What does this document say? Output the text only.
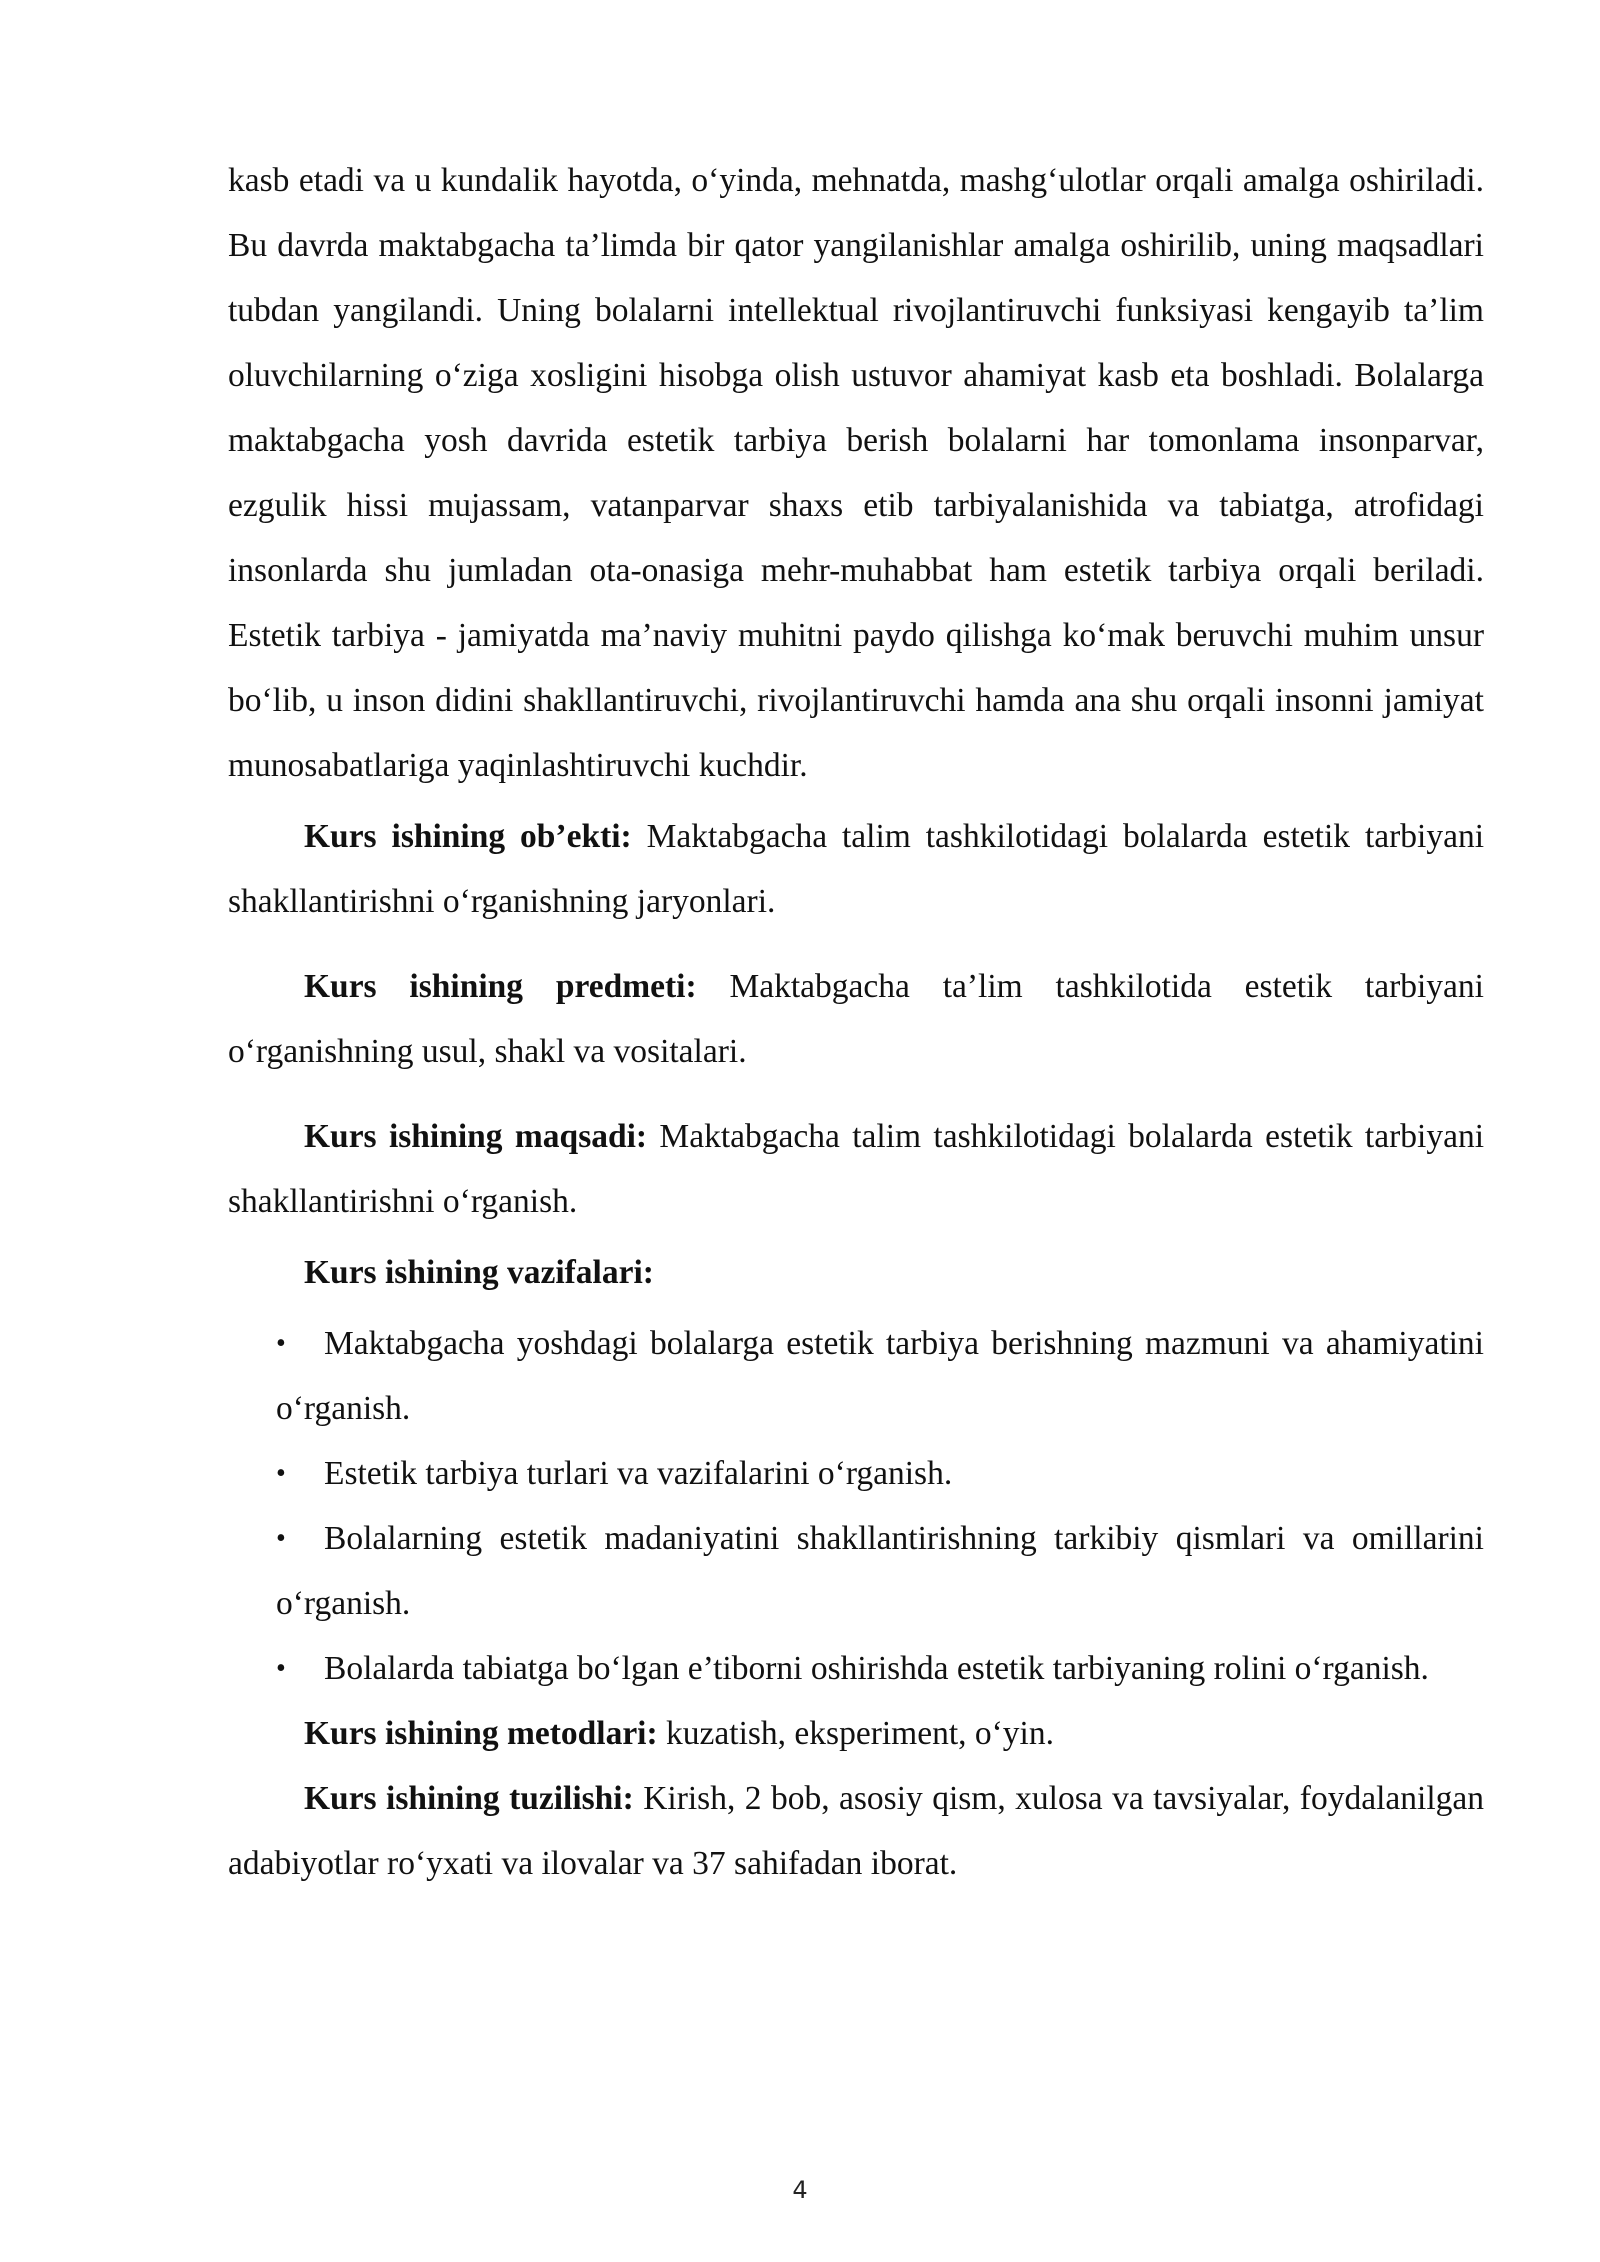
kasb etadi va u kundalik hayotda, o‘yinda, mehnatda, mashg‘ulotlar orqali amalga oshiriladi. Bu davrda maktabgacha ta’limda bir qator yangilanishlar amalga oshirilib, uning maqsadlari tubdan yangilandi. Uning bolalarni intellektual rivojlantiruvchi funksiyasi kengayib ta’lim oluvchilarning o‘ziga xosligini hisobga olish ustuvor ahamiyat kasb eta boshladi. Bolalarga maktabgacha yosh davrida estetik tarbiya berish bolalarni har tomonlama insonparvar, ezgulik hissi mujassam, vatanparvar shaxs etib tarbiyalanishida va tabiatga, atrofidagi insonlarda shu jumladan ota-onasiga mehr-muhabbat ham estetik tarbiya orqali beriladi. Estetik tarbiya - jamiyatda ma’naviy muhitni paydo qilishga ko‘mak beruvchi muhim unsur bo‘lib, u inson didini shakllantiruvchi, rivojlantiruvchi hamda ana shu orqali insonni jamiyat munosabatlariga yaqinlashtiruvchi kuchdir.

Kurs ishining ob’ekti: Maktabgacha talim tashkilotidagi bolalarda estetik tarbiyani shakllantirishni o‘rganishning jaryonlari.

Kurs ishining predmeti: Maktabgacha ta’lim tashkilotida estetik tarbiyani o‘rganishning usul, shakl va vositalari.

Kurs ishining maqsadi: Maktabgacha talim tashkilotidagi bolalarda estetik tarbiyani shakllantirishni o‘rganish.

Kurs ishining vazifalari:

• Maktabgacha yoshdagi bolalarga estetik tarbiya berishning mazmuni va ahamiyatini o‘rganish.
• Estetik tarbiya turlari va vazifalarini o‘rganish.
• Bolalarning estetik madaniyatini shakllantirishning tarkibiy qismlari va omillarini o‘rganish.
• Bolalarda tabiatga bo‘lgan e’tiborni oshirishda estetik tarbiyaning rolini o‘rganish.

Kurs ishining metodlari: kuzatish, eksperiment, o‘yin.

Kurs ishining tuzilishi: Kirish, 2 bob, asosiy qism, xulosa va tavsiyalar, foydalanilgan adabiyotlar ro‘yxati va ilovalar va 37 sahifadan iborat.

4
